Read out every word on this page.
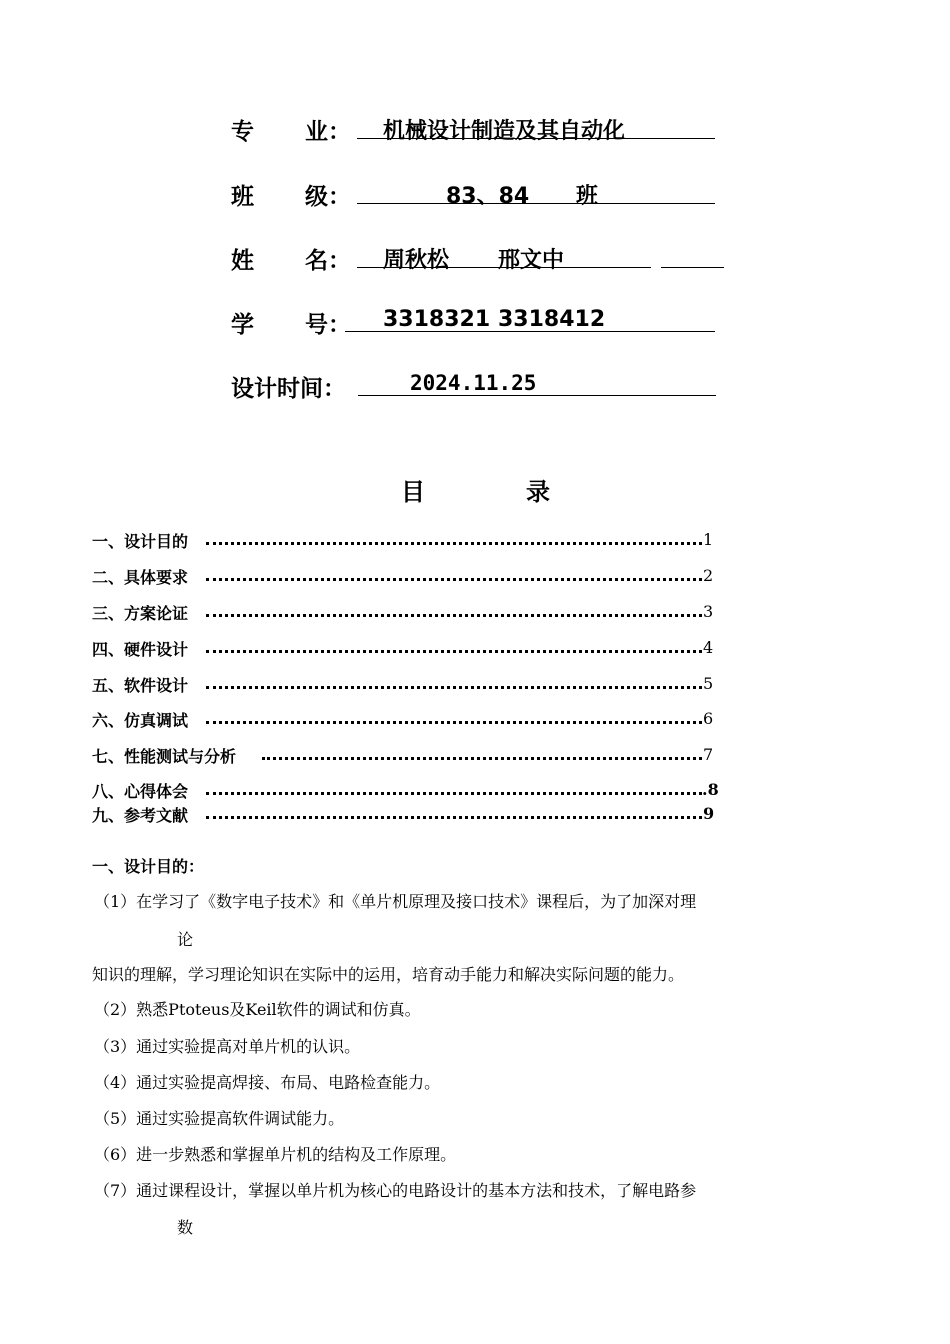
专 业： 机械设计制造及其自动化
班 级：	83、84 班
姓 名： 周秋松 邢文中
学 号： 3318321 3318412
设计时间：	2024.11.25
目	录
一、设计目的	1
二、具体要求	2
三、方案论证	3
四、硬件设计	4
五、软件设计	5
六、仿真调试	6
七、性能测试与分析	7
八、心得体会	.8
九、参考文献	9
一、设计目的：
（1）在学习了《数字电子技术》和《单片机原理及接口技术》课程后，为了加深对理
论
知识的理解，学习理论知识在实际中的运用，培育动手能力和解决实际问题的能力。
（2）熟悉Ptoteus及Keil软件的调试和仿真。
（3）通过实验提高对单片机的认识。
（4）通过实验提高焊接、布局、电路检查能力。
（5）通过实验提高软件调试能力。
（6）进一步熟悉和掌握单片机的结构及工作原理。
（7）通过课程设计，掌握以单片机为核心的电路设计的基本方法和技术，了解电路参
数
